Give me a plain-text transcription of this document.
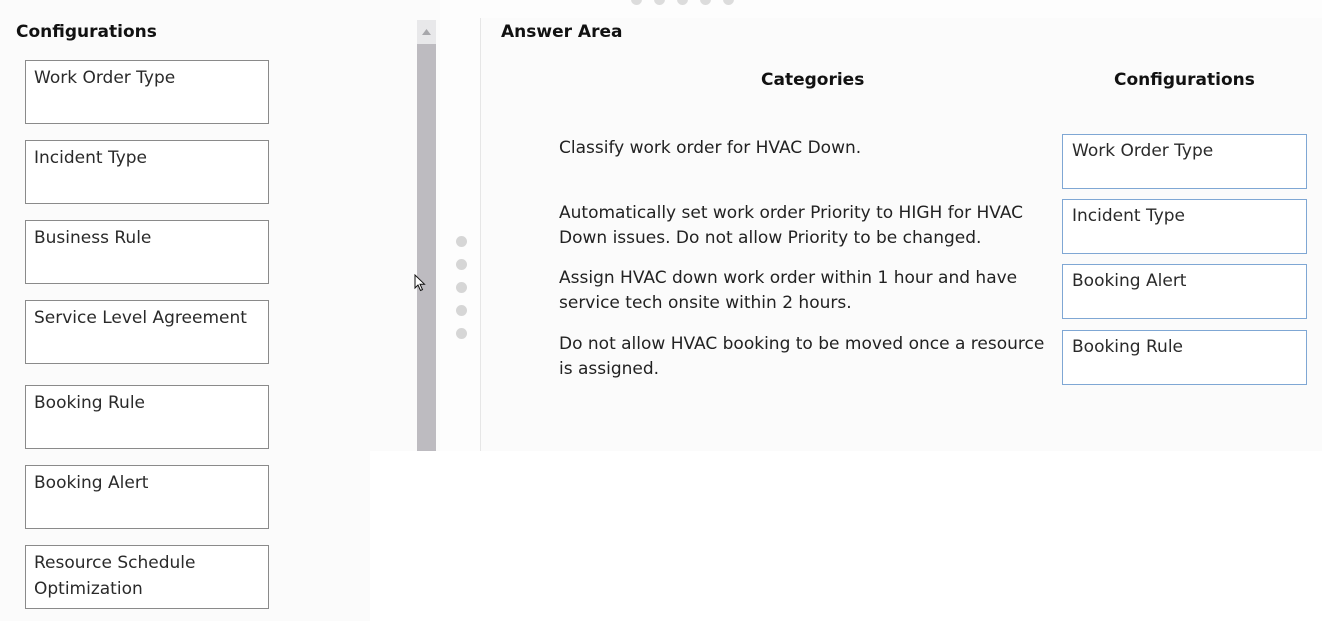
Configurations
Work Order Type
Incident Type
Business Rule
Service Level Agreement
Booking Rule
Booking Alert
Resource Schedule Optimization
Answer Area
Categories	Configurations
Classify work order for HVAC Down.
Automatically set work order Priority to HIGH for HVAC Down issues. Do not allow Priority to be changed.
Assign HVAC down work order within 1 hour and have service tech onsite within 2 hours.
Do not allow HVAC booking to be moved once a resource is assigned.
Work Order Type
Incident Type
Booking Alert
Booking Rule
